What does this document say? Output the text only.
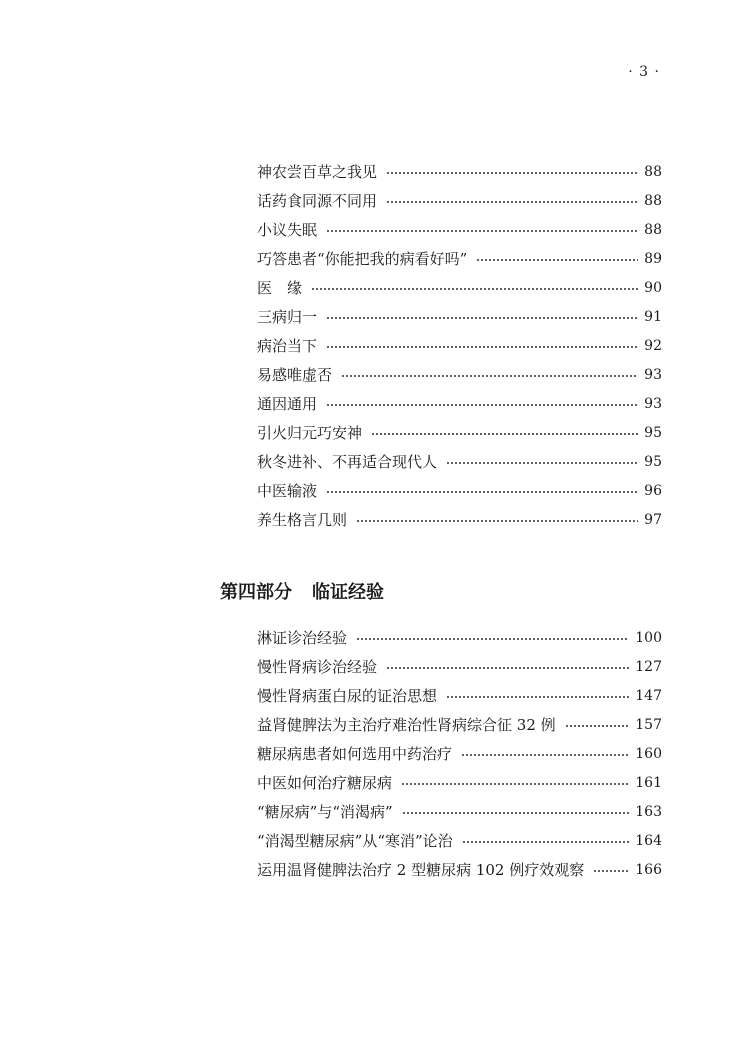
· 3 ·
神农尝百草之我见	88
话药食同源不同用	88
小议失眠	88
巧答患者“你能把我的病看好吗”	89
医　缘	90
三病归一	91
病治当下	92
易感唯虚否	93
通因通用	93
引火归元巧安神	95
秋冬进补、不再适合现代人	95
中医输液	96
养生格言几则	97
第四部分 临证经验
淋证诊治经验	100
慢性肾病诊治经验	127
慢性肾病蛋白尿的证治思想	147
益肾健脾法为主治疗难治性肾病综合征 32 例	157
糖尿病患者如何选用中药治疗	160
中医如何治疗糖尿病	161
“糖尿病”与“消渴病”	163
“消渴型糖尿病”从“寒消”论治	164
运用温肾健脾法治疗 2 型糖尿病 102 例疗效观察	166
